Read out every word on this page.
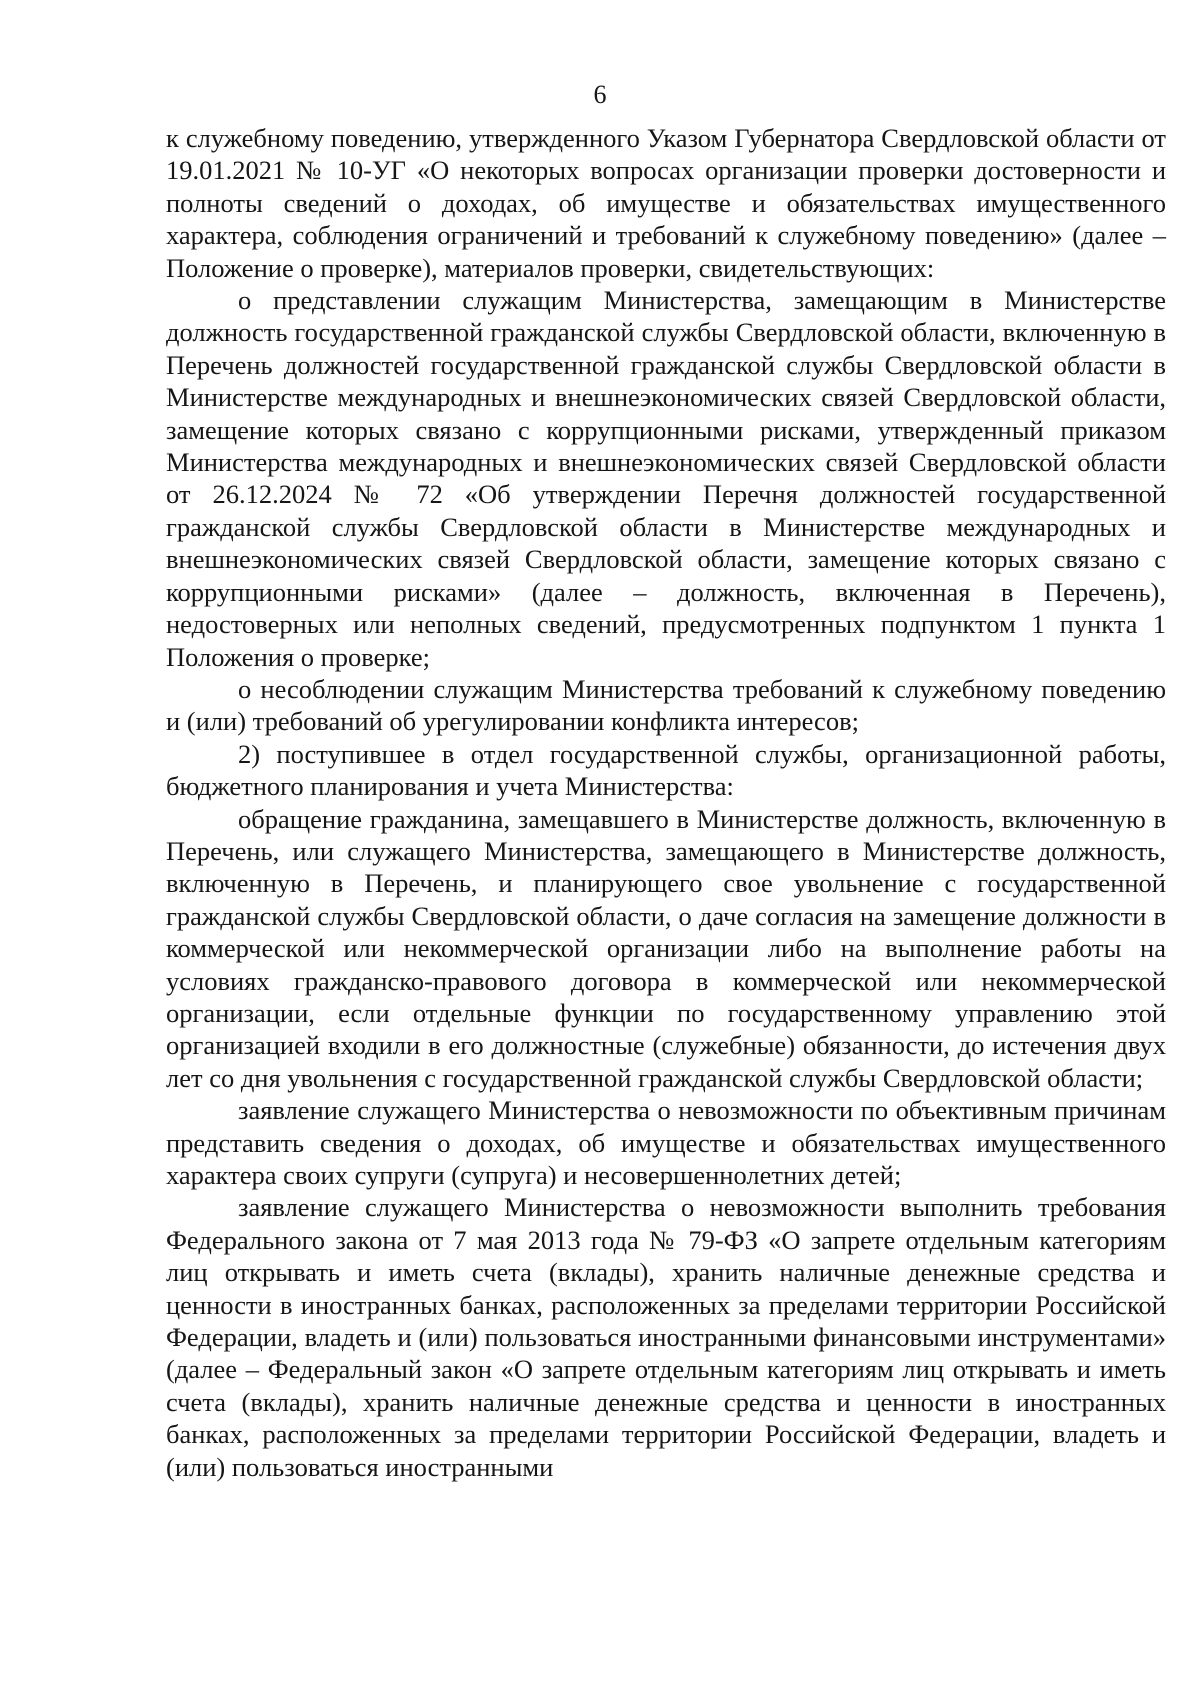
6

к служебному поведению, утвержденного Указом Губернатора Свердловской области от 19.01.2021 № 10-УГ «О некоторых вопросах организации проверки достоверности и полноты сведений о доходах, об имуществе и обязательствах имущественного характера, соблюдения ограничений и требований к служебному поведению» (далее – Положение о проверке), материалов проверки, свидетельствующих:

о представлении служащим Министерства, замещающим в Министерстве должность государственной гражданской службы Свердловской области, включенную в Перечень должностей государственной гражданской службы Свердловской области в Министерстве международных и внешнеэкономических связей Свердловской области, замещение которых связано с коррупционными рисками, утвержденный приказом Министерства международных и внешнеэкономических связей Свердловской области от 26.12.2024 № 72 «Об утверждении Перечня должностей государственной гражданской службы Свердловской области в Министерстве международных и внешнеэкономических связей Свердловской области, замещение которых связано с коррупционными рисками» (далее – должность, включенная в Перечень), недостоверных или неполных сведений, предусмотренных подпунктом 1 пункта 1 Положения о проверке;

о несоблюдении служащим Министерства требований к служебному поведению и (или) требований об урегулировании конфликта интересов;

2) поступившее в отдел государственной службы, организационной работы, бюджетного планирования и учета Министерства:

обращение гражданина, замещавшего в Министерстве должность, включенную в Перечень, или служащего Министерства, замещающего в Министерстве должность, включенную в Перечень, и планирующего свое увольнение с государственной гражданской службы Свердловской области, о даче согласия на замещение должности в коммерческой или некоммерческой организации либо на выполнение работы на условиях гражданско-правового договора в коммерческой или некоммерческой организации, если отдельные функции по государственному управлению этой организацией входили в его должностные (служебные) обязанности, до истечения двух лет со дня увольнения с государственной гражданской службы Свердловской области;

заявление служащего Министерства о невозможности по объективным причинам представить сведения о доходах, об имуществе и обязательствах имущественного характера своих супруги (супруга) и несовершеннолетних детей;

заявление служащего Министерства о невозможности выполнить требования Федерального закона от 7 мая 2013 года № 79-ФЗ «О запрете отдельным категориям лиц открывать и иметь счета (вклады), хранить наличные денежные средства и ценности в иностранных банках, расположенных за пределами территории Российской Федерации, владеть и (или) пользоваться иностранными финансовыми инструментами» (далее – Федеральный закон «О запрете отдельным категориям лиц открывать и иметь счета (вклады), хранить наличные денежные средства и ценности в иностранных банках, расположенных за пределами территории Российской Федерации, владеть и (или) пользоваться иностранными
